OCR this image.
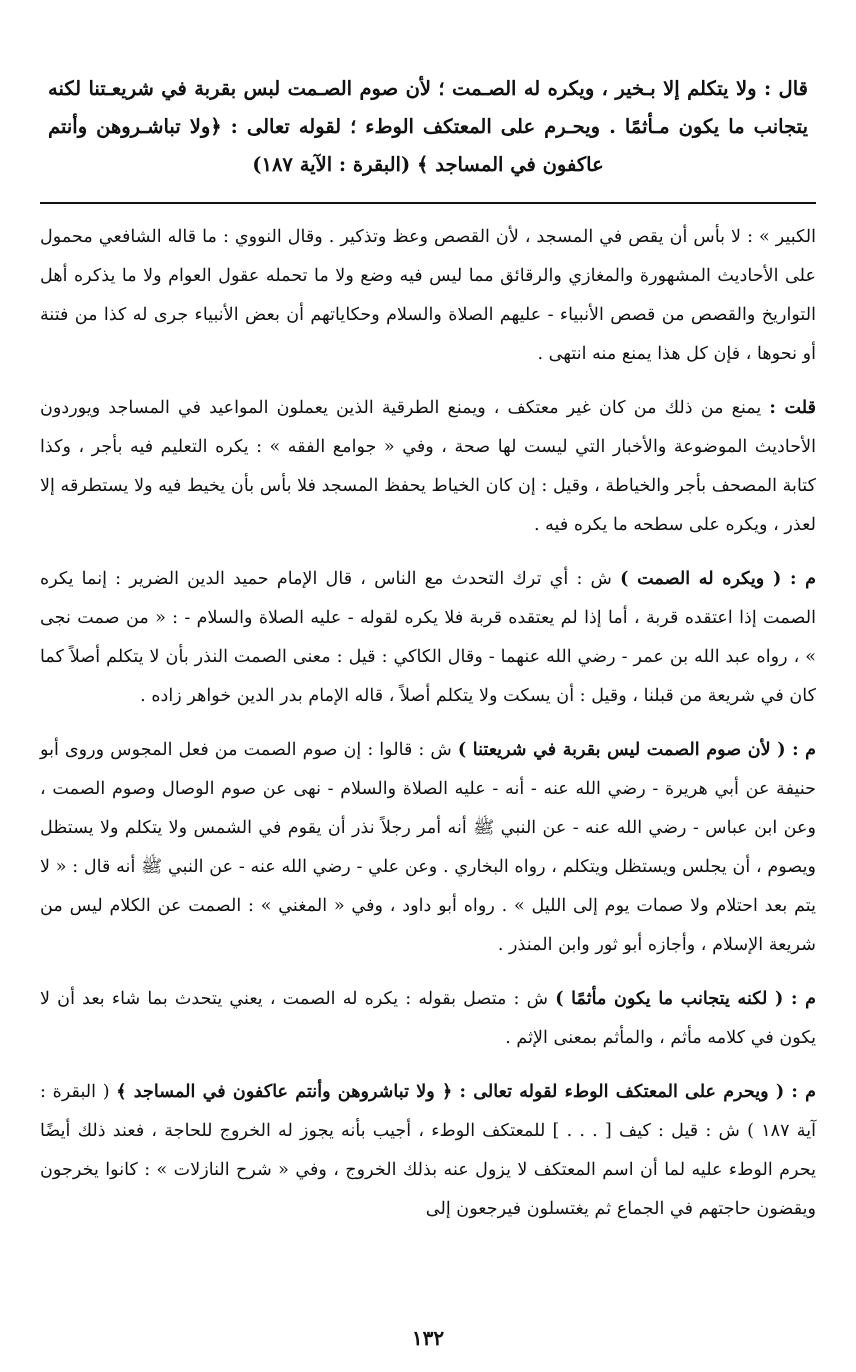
قال : ولا يتكلم إلا بـخير ، ويكره له الصـمت ؛ لأن صوم الصـمت لبس بقربة في شريعـتنا لكنه يتجانب ما يكون مـأثمًا . ويحـرم على المعتكف الوطء ؛ لقوله تعالى : ﴿ولا تباشـروهن وأنتم عاكفون في المساجد ﴾ (البقرة : الآية ١٨٧)

الكبير » : لا بأس أن يقص في المسجد ، لأن القصص وعظ وتذكير . وقال النووي : ما قاله الشافعي محمول على الأحاديث المشهورة والمغازي والرقائق مما ليس فيه وضع ولا ما تحمله عقول العوام ولا ما يذكره أهل التواريخ والقصص من قصص الأنبياء - عليهم الصلاة والسلام وحكاياتهم أن بعض الأنبياء جرى له كذا من فتنة أو نحوها ، فإن كل هذا يمنع منه انتهى .

قلت : يمنع من ذلك من كان غير معتكف ، ويمنع الطرقية الذين يعملون المواعيد في المساجد ويوردون الأحاديث الموضوعة والأخبار التي ليست لها صحة ، وفي « جوامع الفقه » : يكره التعليم فيه بأجر ، وكذا كتابة المصحف بأجر والخياطة ، وقيل : إن كان الخياط يحفظ المسجد فلا بأس بأن يخيط فيه ولا يستطرقه إلا لعذر ، ويكره على سطحه ما يكره فيه .

م : ( ويكره له الصمت ) ش : أي ترك التحدث مع الناس ، قال الإمام حميد الدين الضرير : إنما يكره الصمت إذا اعتقده قربة ، أما إذا لم يعتقده قربة فلا يكره لقوله - عليه الصلاة والسلام - : « من صمت نجى » ، رواه عبد الله بن عمر - رضي الله عنهما - وقال الكاكي : قيل : معنى الصمت النذر بأن لا يتكلم أصلاً كما كان في شريعة من قبلنا ، وقيل : أن يسكت ولا يتكلم أصلاً ، قاله الإمام بدر الدين خواهر زاده .

م : ( لأن صوم الصمت ليس بقربة في شريعتنا ) ش : قالوا : إن صوم الصمت من فعل المجوس وروى أبو حنيفة عن أبي هريرة - رضي الله عنه - أنه - عليه الصلاة والسلام - نهى عن صوم الوصال وصوم الصمت ، وعن ابن عباس - رضي الله عنه - عن النبي ﷺ أنه أمر رجلاً نذر أن يقوم في الشمس ولا يتكلم ولا يستظل ويصوم ، أن يجلس ويستظل ويتكلم ، رواه البخاري . وعن علي - رضي الله عنه - عن النبي ﷺ أنه قال : « لا يتم بعد احتلام ولا صمات يوم إلى الليل » . رواه أبو داود ، وفي « المغني » : الصمت عن الكلام ليس من شريعة الإسلام ، وأجازه أبو ثور وابن المنذر .

م : ( لكنه يتجانب ما يكون مأثمًا ) ش : متصل بقوله : يكره له الصمت ، يعني يتحدث بما شاء بعد أن لا يكون في كلامه مأثم ، والمأثم بمعنى الإثم .

م : ( ويحرم على المعتكف الوطء لقوله تعالى : ﴿ ولا تباشروهن وأنتم عاكفون في المساجد ﴾ ( البقرة : آية ١٨٧ ) ش : قيل : كيف [ . . . ] للمعتكف الوطء ، أجيب بأنه يجوز له الخروج للحاجة ، فعند ذلك أيضًا يحرم الوطء عليه لما أن اسم المعتكف لا يزول عنه بذلك الخروج ، وفي « شرح النازلات » : كانوا يخرجون ويقضون حاجتهم في الجماع ثم يغتسلون فيرجعون إلى

١٣٢
